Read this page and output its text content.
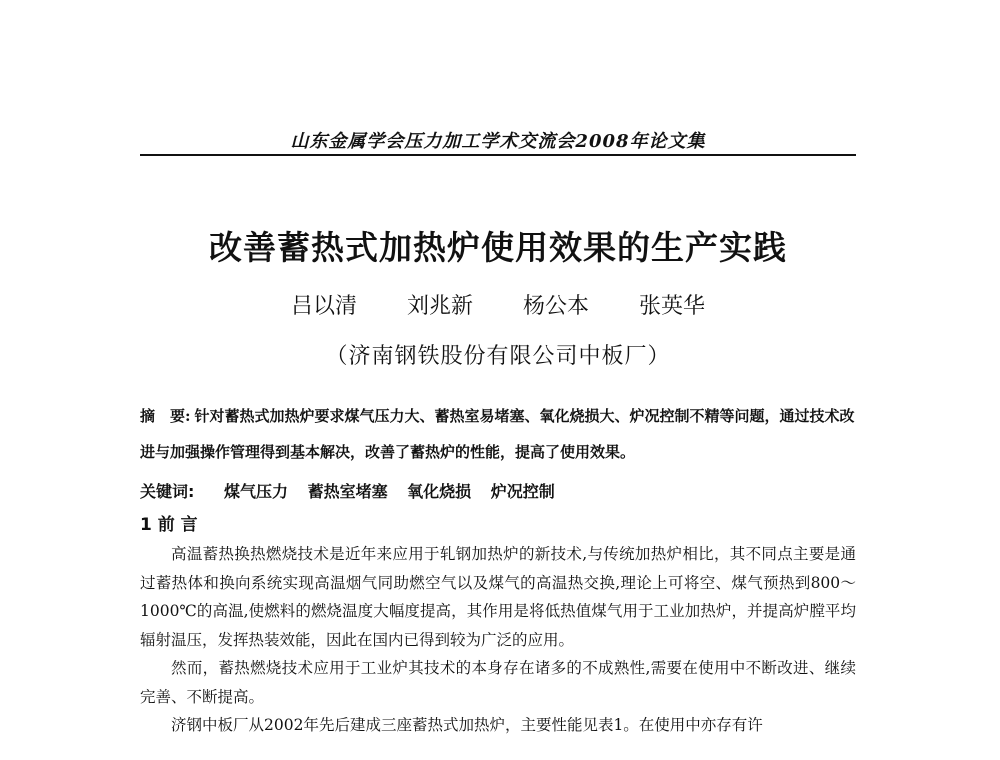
山东金属学会压力加工学术交流会2008年论文集
改善蓄热式加热炉使用效果的生产实践
吕以清 刘兆新 杨公本 张英华
（济南钢铁股份有限公司中板厂）
摘　要: 针对蓄热式加热炉要求煤气压力大、蓄热室易堵塞、氧化烧损大、炉况控制不精等问题，通过技术改进与加强操作管理得到基本解决，改善了蓄热炉的性能，提高了使用效果。
关键词: 煤气压力 蓄热室堵塞 氧化烧损 炉况控制
1 前 言

高温蓄热换热燃烧技术是近年来应用于轧钢加热炉的新技术,与传统加热炉相比，其不同点主要是通过蓄热体和换向系统实现高温烟气同助燃空气以及煤气的高温热交换,理论上可将空、煤气预热到800～1000℃的高温,使燃料的燃烧温度大幅度提高，其作用是将低热值煤气用于工业加热炉，并提高炉膛平均辐射温压，发挥热装效能，因此在国内已得到较为广泛的应用。

然而，蓄热燃烧技术应用于工业炉其技术的本身存在诸多的不成熟性,需要在使用中不断改进、继续完善、不断提高。

济钢中板厂从2002年先后建成三座蓄热式加热炉，主要性能见表1。在使用中亦存有许
